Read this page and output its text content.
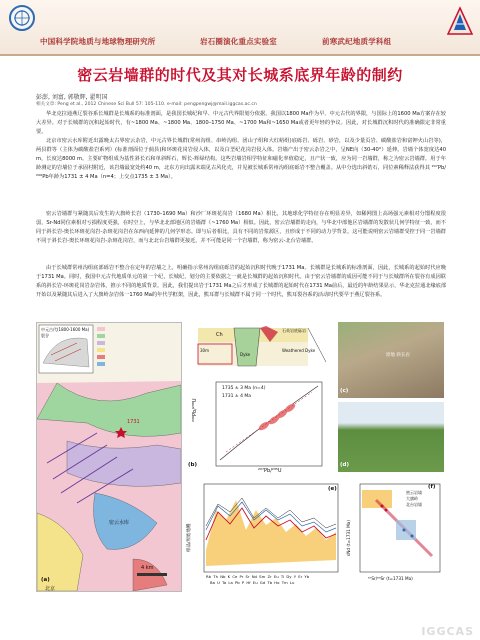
中国科学院地质与地球物理研究所	岩石圈演化重点实验室	前寒武纪地质学科组
密云岩墙群的时代及其对长城系底界年龄的制约
彭澎, 刘富, 郭敬辉, 翟明国
相关文章: Peng et al., 2012 Chinese Sci Bull 57: 105-110. e-mail: pengpengwj@mail.iggcas.ac.cn
华北克拉通燕辽裂谷系长城群是长城系的标准剖面，是我国长城纪和早、中元古代界限划分依据。我国以1800 Ma作为早、中元古代的界限，与国际上的1600 Ma方案存在较大差异。对于长城群的沉积起始时代，有~1800 Ma、~1800 Ma、1800–1750 Ma、~1700 Ma和~1650 Ma或者更年轻的争议。因此，对长城群沉积时代的准确限定非常重要。
北京市密云水库附近出露晚太古界密云杂岩，中元古界长城群(常州沟组、串岭沟组、团山子组和大红峪组)底砾岩、砾岩、砂岩，以及少量页岩、碳酸盐岩和富钾火山岩等)，两县群等（主体为碳酸盐岩系列）(标准剖面位于蓟县)和环斑花岗岩侵入体，以及白垩纪花岗岩侵入体。岩墙产出于密云杂岩之中，呈NE向（30-40°）延伸。岩墙个体宽度达40 m，长度达8000 m。主要矿物组成为基性斜长石和单斜辉石，辉长-辉绿结构。这些岩墙岩相学特征和磁化率值稳定，且产状一致，应为同一岩墙群，称之为密云岩墙群。用于年龄测定的岩墙位于承固村附近，该岩墙最宽处约40 m，北东方向出露末端见古风化壳，并见被长城系常州沟组底砾岩不整合覆盖。从中分选出斜锆石，同位素稀释法获得其 ²⁰⁷Pb/²⁰⁶Pb年龄为1731 ± 4 Ma（n=4；上交点1735 ± 3 Ma）。
密云岩墙群与紧随其后发生的大旗岭长岩（1730–1690 Ma）和沙厂环斑花岗岩（1680 Ma）相比，其地球化学特征存在明显差异，如稀网图上高场强元素相对分馏程度很弱，Sr-Nd同位素相对亏损程度更强，在时空上，与华北北部地区的岩墙群（~1760 Ma）相似。因此，密云岩墙群的走向，与华北中部他区岩墙群的发散状几何学特征一致，而不同于斜长岩-奥长环斑花岗岩-杂斑花岗岩在东西向延伸的几何学形态。即与后者相比，具有不同的岩浆源区，且形成于不同的动力学背景。这可能说明密云岩墙群受控于同一岩墙群不同于斜长岩-奥长环斑花岗岩-杂斑花岗岩，而与北北台岩墙群更接近。并不可能是同一个岩墙群，称为密云-北台岩墙群。
由于长城群常州沟组底部砾岩不整合在定年的岩墙之上，明确指示常州沟组底砾岩的起始沉积时代晚于1731 Ma。长城群是长城系的标准剖面，因此，长城系的起始时代应晚于1731 Ma。同时，我国中元古代地质单元的第一个纪，长城纪，划分的主要依据之一就是长城群的起始沉积时代。由于密云岩墙群的成因可能不同于与长城群所在裂谷有成因联系的斜长岩-环斑花岗岩杂岩体，推示不同的地质背景。因此，我们提出岩于1731 Ma之后才形成了长城群的起始时代在1731 Ma前后，最近的年龄结果显示，华北克拉通北缘底部开始以及紧随其后进入了大旗岭杂岩体一1760 Ma的年代学框架，因此，熊耳群与长城群不属于同一个时代，熊耳裂谷系的活动时代要早于燕辽裂谷系。
中元古代(1800-1600 Ma)裂谷
4 km
北京
密云水库
1731
(a)
Ch
30m
石英岩底砾岩
Weathered Dyke
Dyke
1735 ± 3 Ma (n=4)
1731 ± 4 Ma
²⁰⁷Pb/²³⁵U
²⁰⁶Pb/²³⁸U
(b)
原地 斜长岩
(c)
(d)
样品/原始地幔
Rb Th Nb K Ce Pr Sr Nd Sm Zr Eu Ti Dy Y Er Yb
Ba U Ta La Pb P Hf Eu Gd Tb Ho Tm Lu
(e)
密云岩墙
大旗岭
北台岩墙
εNd (t=1731 Ma)
⁸⁷Sr/⁸⁶Sr (t=1731 Ma)
(f)
IGGCAS
